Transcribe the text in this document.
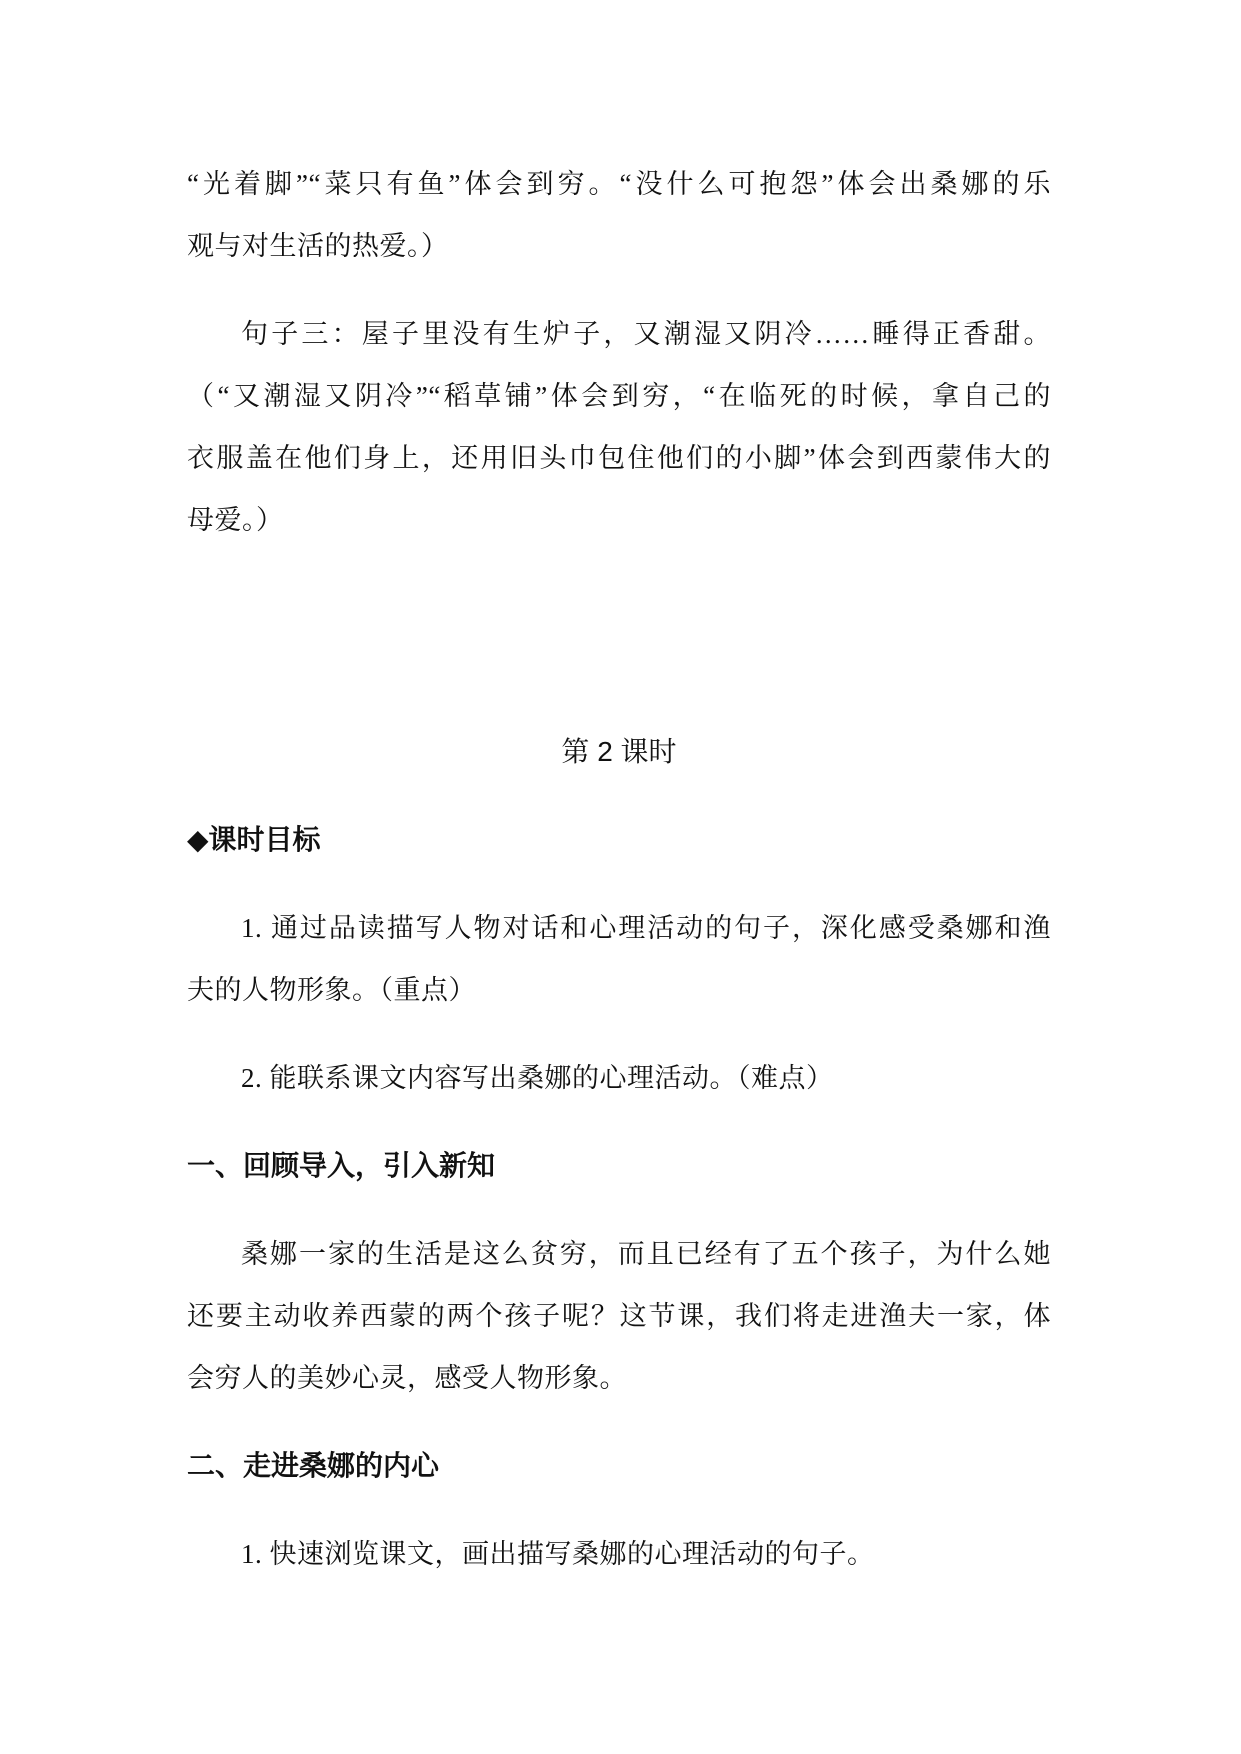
“光着脚”“菜只有鱼”体会到穷。“没什么可抱怨”体会出桑娜的乐
观与对生活的热爱。）
句子三：屋子里没有生炉子，又潮湿又阴冷……睡得正香甜。
（“又潮湿又阴冷”“稻草铺”体会到穷，“在临死的时候，拿自己的
衣服盖在他们身上，还用旧头巾包住他们的小脚”体会到西蒙伟大的
母爱。）
第 2 课时
◆课时目标
1. 通过品读描写人物对话和心理活动的句子，深化感受桑娜和渔
夫的人物形象。（重点）
2. 能联系课文内容写出桑娜的心理活动。（难点）
一、回顾导入，引入新知
桑娜一家的生活是这么贫穷，而且已经有了五个孩子，为什么她
还要主动收养西蒙的两个孩子呢？这节课，我们将走进渔夫一家，体
会穷人的美妙心灵，感受人物形象。
二、走进桑娜的内心
1. 快速浏览课文，画出描写桑娜的心理活动的句子。
